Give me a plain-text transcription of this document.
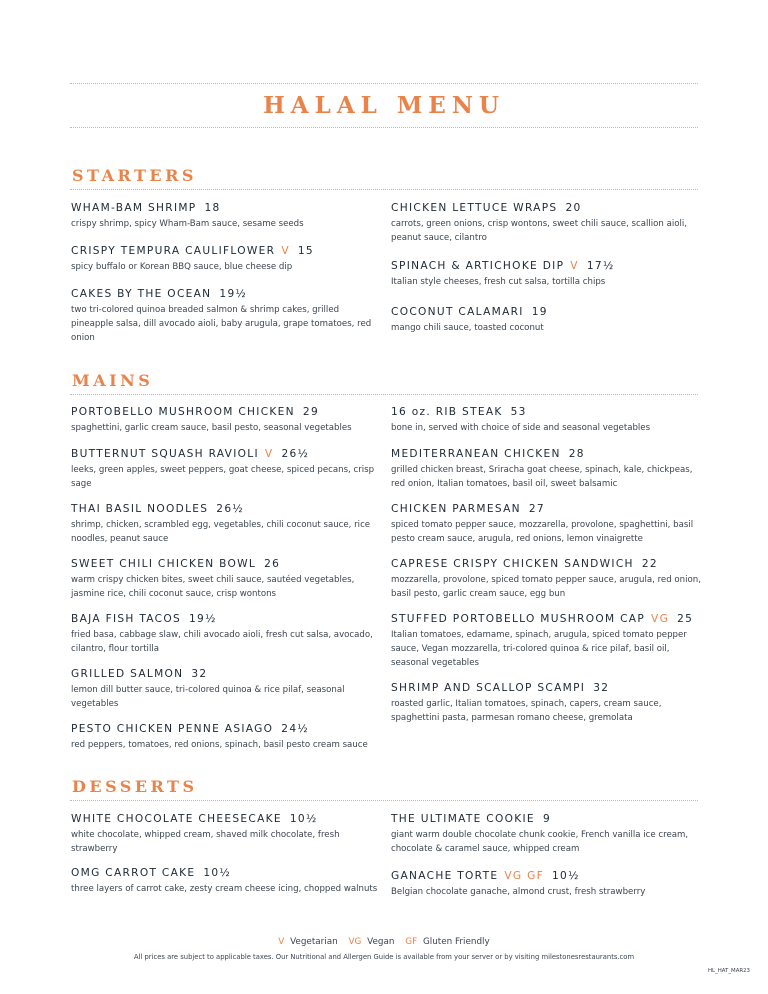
HALAL MENU
STARTERS
WHAM-BAM SHRIMP 18
crispy shrimp, spicy Wham-Bam sauce, sesame seeds
CRISPY TEMPURA CAULIFLOWER V 15
spicy buffalo or Korean BBQ sauce, blue cheese dip
CAKES BY THE OCEAN 19½
two tri-colored quinoa breaded salmon & shrimp cakes, grilled pineapple salsa, dill avocado aioli, baby arugula, grape tomatoes, red onion
CHICKEN LETTUCE WRAPS 20
carrots, green onions, crisp wontons, sweet chili sauce, scallion aioli, peanut sauce, cilantro
SPINACH & ARTICHOKE DIP V 17½
Italian style cheeses, fresh cut salsa, tortilla chips
COCONUT CALAMARI 19
mango chili sauce, toasted coconut
MAINS
PORTOBELLO MUSHROOM CHICKEN 29
spaghettini, garlic cream sauce, basil pesto, seasonal vegetables
BUTTERNUT SQUASH RAVIOLI V 26½
leeks, green apples, sweet peppers, goat cheese, spiced pecans, crisp sage
THAI BASIL NOODLES 26½
shrimp, chicken, scrambled egg, vegetables, chili coconut sauce, rice noodles, peanut sauce
SWEET CHILI CHICKEN BOWL 26
warm crispy chicken bites, sweet chili sauce, sautéed vegetables, jasmine rice, chili coconut sauce, crisp wontons
BAJA FISH TACOS 19½
fried basa, cabbage slaw, chili avocado aioli, fresh cut salsa, avocado, cilantro, flour tortilla
GRILLED SALMON 32
lemon dill butter sauce, tri-colored quinoa & rice pilaf, seasonal vegetables
PESTO CHICKEN PENNE ASIAGO 24½
red peppers, tomatoes, red onions, spinach, basil pesto cream sauce
16 oz. RIB STEAK 53
bone in, served with choice of side and seasonal vegetables
MEDITERRANEAN CHICKEN 28
grilled chicken breast, Sriracha goat cheese, spinach, kale, chickpeas, red onion, Italian tomatoes, basil oil, sweet balsamic
CHICKEN PARMESAN 27
spiced tomato pepper sauce, mozzarella, provolone, spaghettini, basil pesto cream sauce, arugula, red onions, lemon vinaigrette
CAPRESE CRISPY CHICKEN SANDWICH 22
mozzarella, provolone, spiced tomato pepper sauce, arugula, red onion, basil pesto, garlic cream sauce, egg bun
STUFFED PORTOBELLO MUSHROOM CAP VG 25
Italian tomatoes, edamame, spinach, arugula, spiced tomato pepper sauce, Vegan mozzarella, tri-colored quinoa & rice pilaf, basil oil, seasonal vegetables
SHRIMP AND SCALLOP SCAMPI 32
roasted garlic, Italian tomatoes, spinach, capers, cream sauce, spaghettini pasta, parmesan romano cheese, gremolata
DESSERTS
WHITE CHOCOLATE CHEESECAKE 10½
white chocolate, whipped cream, shaved milk chocolate, fresh strawberry
OMG CARROT CAKE 10½
three layers of carrot cake, zesty cream cheese icing, chopped walnuts
THE ULTIMATE COOKIE 9
giant warm double chocolate chunk cookie, French vanilla ice cream, chocolate & caramel sauce, whipped cream
GANACHE TORTE VG GF 10½
Belgian chocolate ganache, almond crust, fresh strawberry
V Vegetarian VG Vegan GF Gluten Friendly
All prices are subject to applicable taxes. Our Nutritional and Allergen Guide is available from your server or by visiting milestonesrestaurants.com
HL_HAT_MAR23
